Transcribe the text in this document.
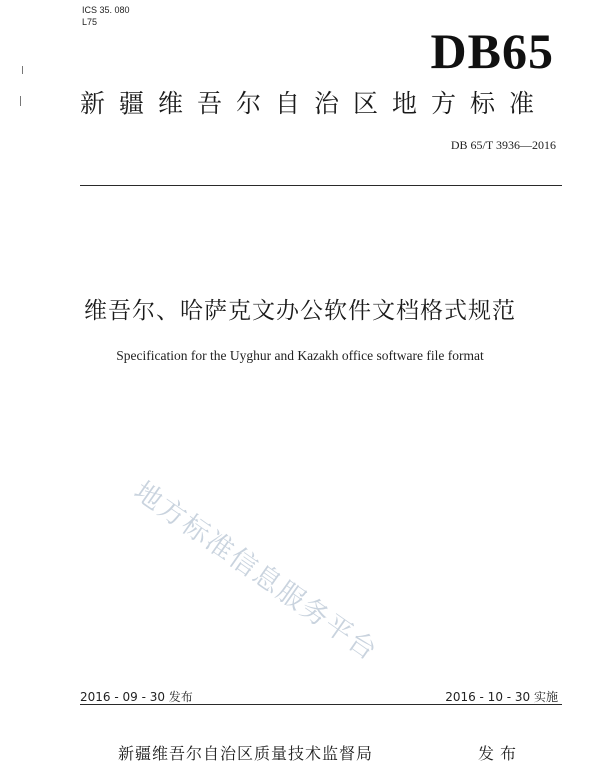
ICS 35. 080
L75
DB65
新疆维吾尔自治区地方标准
DB 65/T 3936—2016
维吾尔、哈萨克文办公软件文档格式规范
Specification for the Uyghur and Kazakh office software file format
地方标准信息服务平台
2016 - 09 - 30 发布	2016 - 10 - 30 实施
新疆维吾尔自治区质量技术监督局	发布
